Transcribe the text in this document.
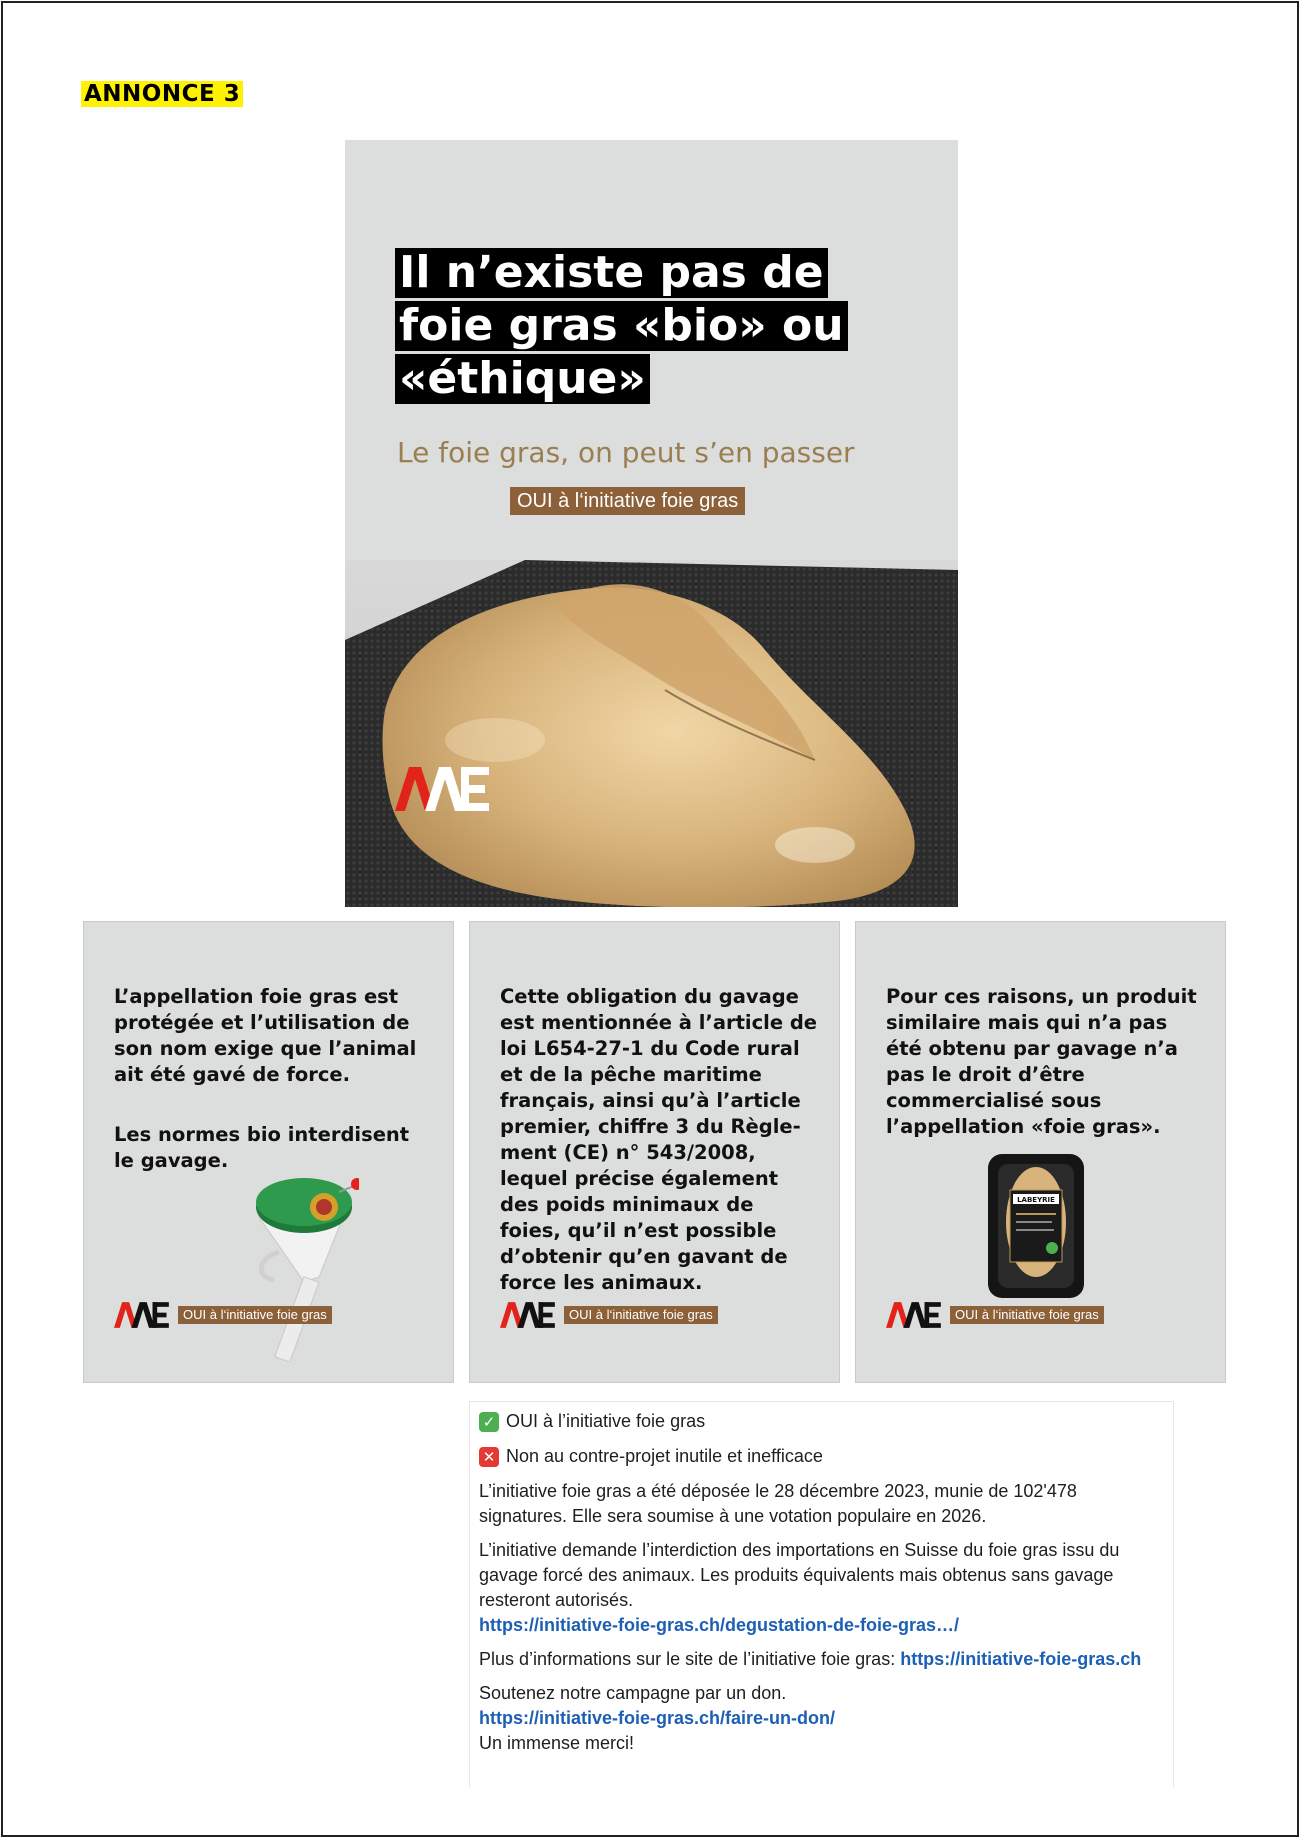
ANNONCE 3
Il n’existe pas de
foie gras «bio» ou
«éthique»
Le foie gras, on peut s’en passer
OUI à l‘initiative foie gras

L’appellation foie gras est protégée et l’utilisation de son nom exige que l’animal ait été gavé de force.

Les normes bio interdisent le gavage.

OUI à l‘initiative foie gras

Cette obligation du gavage est mentionnée à l’article de loi L654-27-1 du Code rural et de la pêche maritime français, ainsi qu’à l’article premier, chiffre 3 du Règle-ment (CE) n° 543/2008, lequel précise également des poids minimaux de foies, qu’il n’est possible d’obtenir qu’en gavant de force les animaux.

OUI à l‘initiative foie gras

Pour ces raisons, un produit similaire mais qui n’a pas été obtenu par gavage n’a pas le droit d’être commercialisé sous l’appellation «foie gras».

LABEYRIE
OUI à l‘initiative foie gras
✓ OUI à l’initiative foie gras
✕ Non au contre-projet inutile et inefficace
L’initiative foie gras a été déposée le 28 décembre 2023, munie de 102'478 signatures. Elle sera soumise à une votation populaire en 2026.
L’initiative demande l’interdiction des importations en Suisse du foie gras issu du gavage forcé des animaux. Les produits équivalents mais obtenus sans gavage resteront autorisés.
https://initiative-foie-gras.ch/degustation-de-foie-gras…/
Plus d’informations sur le site de l’initiative foie gras: https://initiative-foie-gras.ch
Soutenez notre campagne par un don.
https://initiative-foie-gras.ch/faire-un-don/
Un immense merci!
